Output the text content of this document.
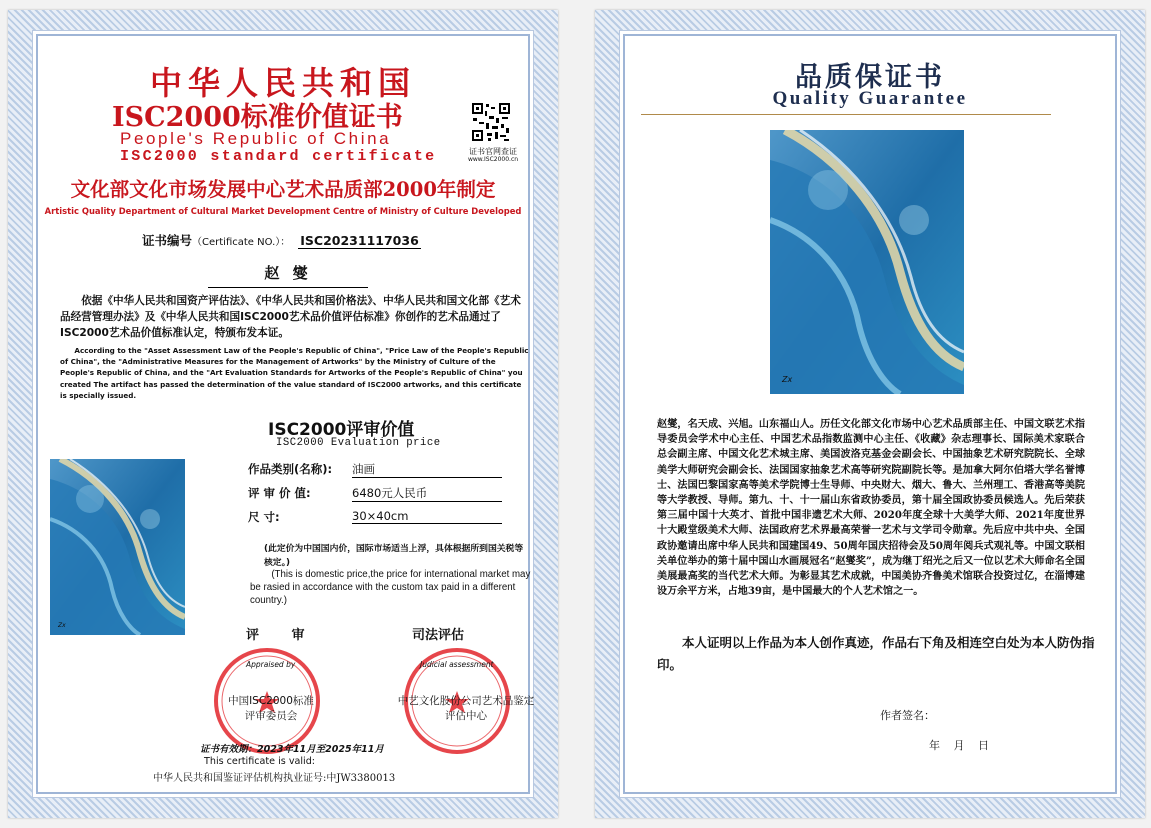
中华人民共和国
ISC2000标准价值证书
People's Republic of China
ISC2000 standard certificate	证书官网查证
www.ISC2000.cn
文化部文化市场发展中心艺术品质部2000年制定
Artistic Quality Department of Cultural Market Development Centre of Ministry of Culture Developed
证书编号（Certificate NO.）： ISC20231117036
赵 燮
依据《中华人民共和国资产评估法》、《中华人民共和国价格法》、中华人民共和国文化部《艺术品经营管理办法》及《中华人民共和国ISC2000艺术品价值评估标准》你创作的艺术品通过了ISC2000艺术品价值标准认定，特颁布发本证。
According to the "Asset Assessment Law of the People's Republic of China", "Price Law of the People's Republic of China", the "Administrative Measures for the Management of Artworks" by the Ministry of Culture of the People's Republic of China, and the "Art Evaluation Standards for Artworks of the People's Republic of China" you created The artifact has passed the determination of the value standard of ISC2000 artworks, and this certificate is specially issued.
ISC2000评审价值
ISC2000 Evaluation price
Zx
作品类别(名称): 油画
评 审 价 值:	6480元人民币
尺 寸:	30×40cm
(此定价为中国国内价，国际市场适当上浮，具体根据所到国关税等核定。)
(This is domestic price,the price for international market may be rasied in accordance with the custom tax paid in a different country.)
评 审	司法评估
Appraised by	Judicial assessment
中国ISC2000标准评审委员会
中艺文化股份公司艺术品鉴定评估中心
证书有效期：2023年11月至2025年11月
This certificate is valid:
中华人民共和国鉴证评估机构执业证号:中JW3380013
品质保证书
Quality Guarantee
Zx
赵燮，名天成、兴旭。山东福山人。历任文化部文化市场中心艺术品质部主任、中国文联艺术指导委员会学术中心主任、中国艺术品指数监测中心主任、《收藏》杂志理事长、国际美术家联合总会副主席、中国文化艺术城主席、美国波洛克基金会副会长、中国抽象艺术研究院院长、全球美学大师研究会副会长、法国国家抽象艺术高等研究院副院长等。是加拿大阿尔伯塔大学名誉博士、法国巴黎国家高等美术学院博士生导师、中央财大、烟大、鲁大、兰州理工、香港高等美院等大学教授、导师。第九、十、十一届山东省政协委员，第十届全国政协委员候选人。先后荣获第三届中国十大英才、首批中国非遗艺术大师、2020年度全球十大美学大师、2021年度世界十大殿堂级美术大师、法国政府艺术界最高荣誉一艺术与文学司令勋章。先后应中共中央、全国政协邀请出席中华人民共和国建国49、50周年国庆招待会及50周年阅兵式观礼等。中国文联相关单位举办的第十届中国山水画展冠名“赵燮奖”，成为继丁绍光之后又一位以艺术大师命名全国美展最高奖的当代艺术大师。为彰显其艺术成就，中国美协齐鲁美术馆联合投资过亿，在淄博建设万余平方米，占地39亩，是中国最大的个人艺术馆之一。
本人证明以上作品为本人创作真迹，作品右下角及相连空白处为本人防伪指印。
作者签名：
年 月 日
